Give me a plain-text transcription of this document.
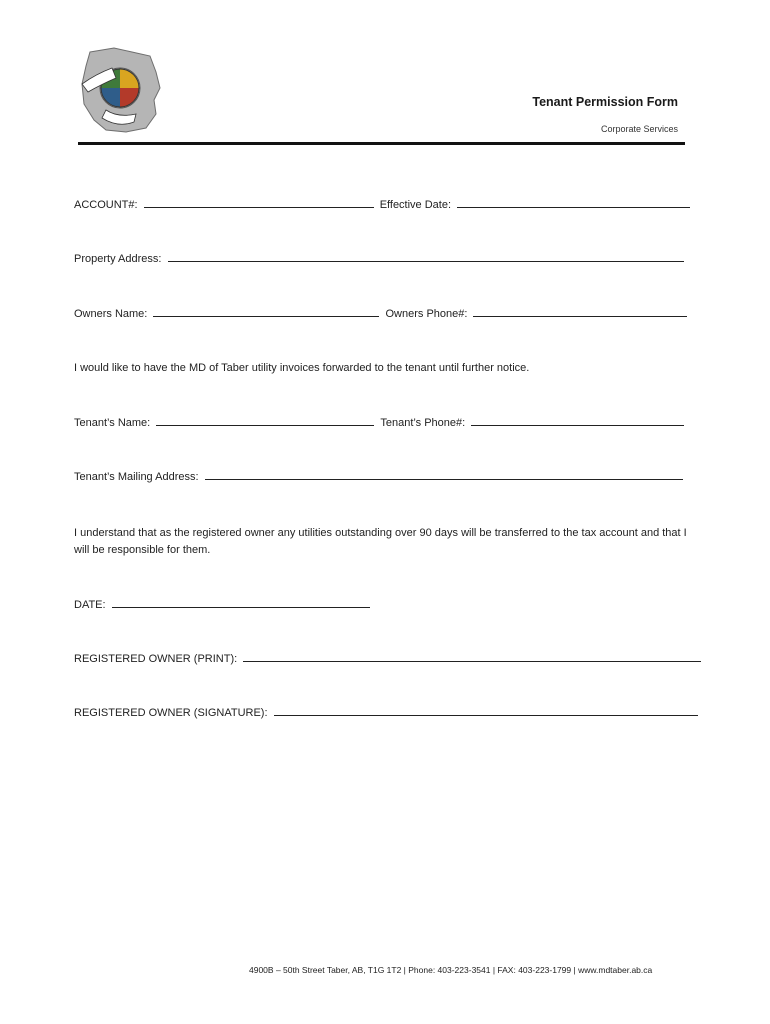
Tenant Permission Form
Corporate Services
ACCOUNT#:	Effective Date:
Property Address:
Owners Name:	Owners Phone#:
I would like to have the MD of Taber utility invoices forwarded to the tenant until further notice.
Tenant’s Name:	Tenant’s Phone#:
Tenant’s Mailing Address:
I understand that as the registered owner any utilities outstanding over 90 days will be transferred to the tax account and that I will be responsible for them.
DATE:
REGISTERED OWNER (PRINT):
REGISTERED OWNER (SIGNATURE):
4900B – 50th Street Taber, AB, T1G 1T2 | Phone: 403-223-3541 | FAX: 403-223-1799 | www.mdtaber.ab.ca
